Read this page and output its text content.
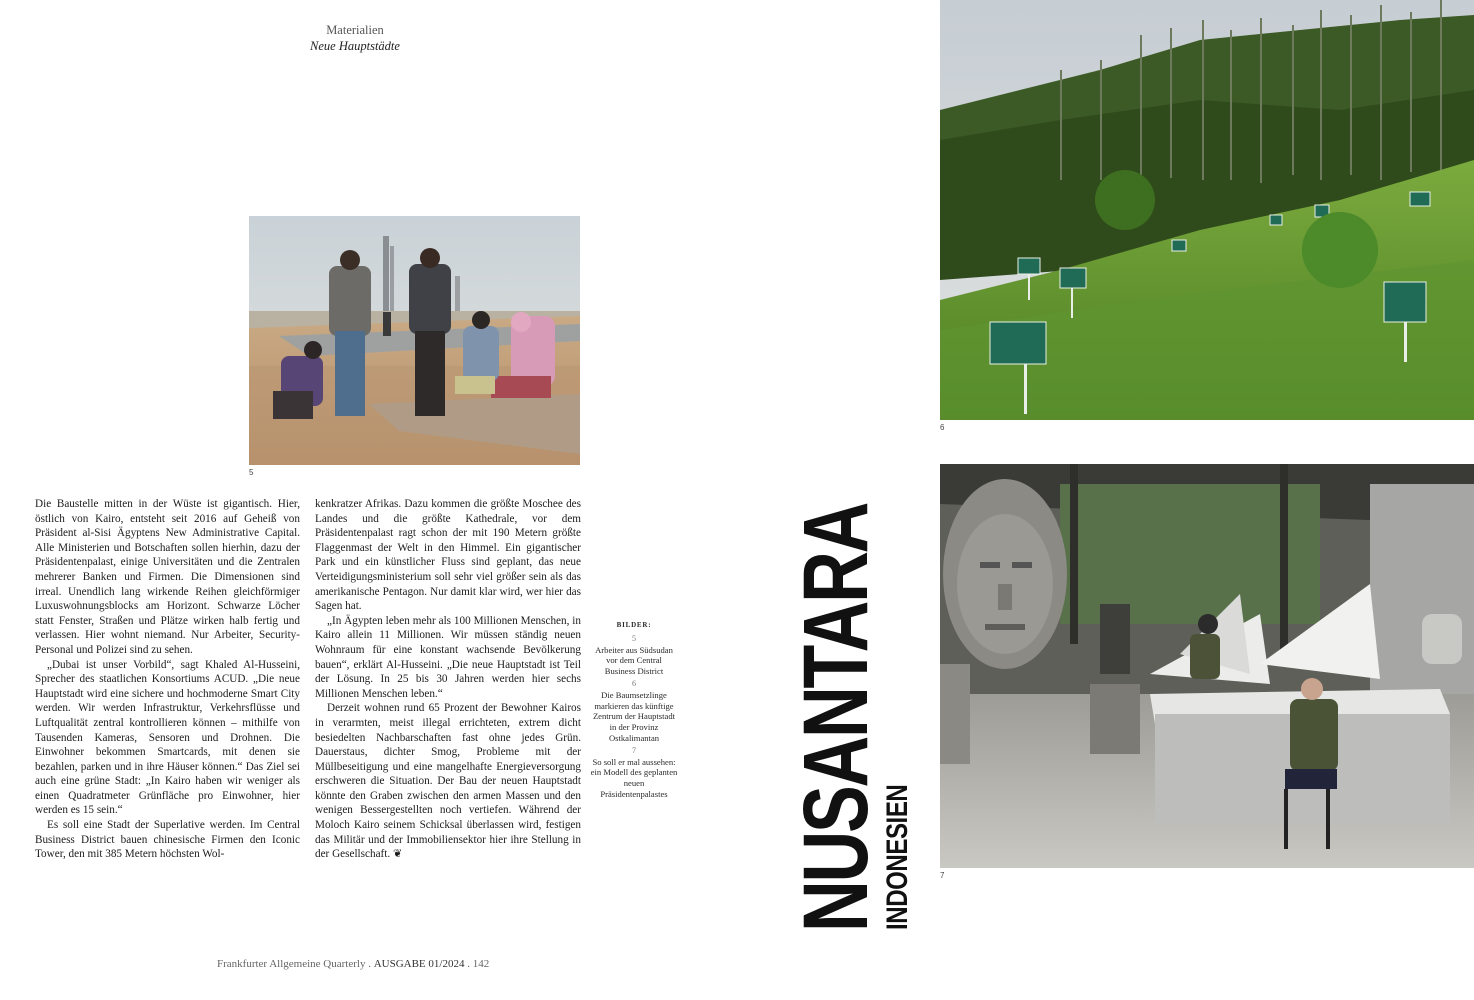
Materialien
Neue Hauptstädte
5

Die Baustelle mitten in der Wüste ist gigantisch. Hier, östlich von Kairo, entsteht seit 2016 auf Geheiß von Präsident al-Sisi Ägyptens New Administrative Capital. Alle Ministerien und Botschaften sollen hierhin, dazu der Präsidentenpalast, einige Universitäten und die Zentralen mehrerer Banken und Firmen. Die Dimensionen sind irreal. Unendlich lang wirkende Reihen gleichförmiger Luxuswohnungsblocks am Horizont. Schwarze Löcher statt Fenster, Straßen und Plätze wirken halb fertig und verlassen. Hier wohnt niemand. Nur Arbeiter, Security-Personal und Polizei sind zu sehen.

„Dubai ist unser Vorbild“, sagt Khaled Al-Husseini, Sprecher des staatlichen Konsortiums ACUD. „Die neue Hauptstadt wird eine sichere und hochmoderne Smart City werden. Wir werden Infrastruktur, Verkehrsflüsse und Luftqualität zentral kontrollieren können – mithilfe von Tausenden Kameras, Sensoren und Drohnen. Die Einwohner bekommen Smartcards, mit denen sie bezahlen, parken und in ihre Häuser können.“ Das Ziel sei auch eine grüne Stadt: „In Kairo haben wir weniger als einen Quadratmeter Grünfläche pro Einwohner, hier werden es 15 sein.“

Es soll eine Stadt der Superlative werden. Im Central Business District bauen chinesische Firmen den Iconic Tower, den mit 385 Metern höchsten Wol-

kenkratzer Afrikas. Dazu kommen die größte Moschee des Landes und die größte Kathedrale, vor dem Präsidentenpalast ragt schon der mit 190 Metern größte Flaggenmast der Welt in den Himmel. Ein gigantischer Park und ein künstlicher Fluss sind geplant, das neue Verteidigungsministerium soll sehr viel größer sein als das amerikanische Pentagon. Nur damit klar wird, wer hier das Sagen hat.

„In Ägypten leben mehr als 100 Millionen Menschen, in Kairo allein 11 Millionen. Wir müssen ständig neuen Wohnraum für eine konstant wachsende Bevölkerung bauen“, erklärt Al-Husseini. „Die neue Hauptstadt ist Teil der Lösung. In 25 bis 30 Jahren werden hier sechs Millionen Menschen leben.“

Derzeit wohnen rund 65 Prozent der Bewohner Kairos in verarmten, meist illegal errichteten, extrem dicht besiedelten Nachbarschaften fast ohne jedes Grün. Dauerstaus, dichter Smog, Probleme mit der Müllbeseitigung und eine mangelhafte Energieversorgung erschweren die Situation. Der Bau der neuen Hauptstadt könnte den Graben zwischen den armen Massen und den wenigen Bessergestellten noch vertiefen. Während der Moloch Kairo seinem Schicksal überlassen wird, festigen das Militär und der Immobiliensektor hier ihre Stellung in der Gesellschaft. ❦

BILDER:
5
Arbeiter aus Südsudan vor dem Central Business District
6
Die Baumsetzlinge markieren das künftige Zentrum der Hauptstadt in der Provinz Ostkalimantan
7
So soll er mal aussehen: ein Modell des geplanten neuen Präsidentenpalastes
Frankfurter Allgemeine Quarterly . AUSGABE 01/2024 . 142
NUSANTARA
INDONESIEN
6
7
